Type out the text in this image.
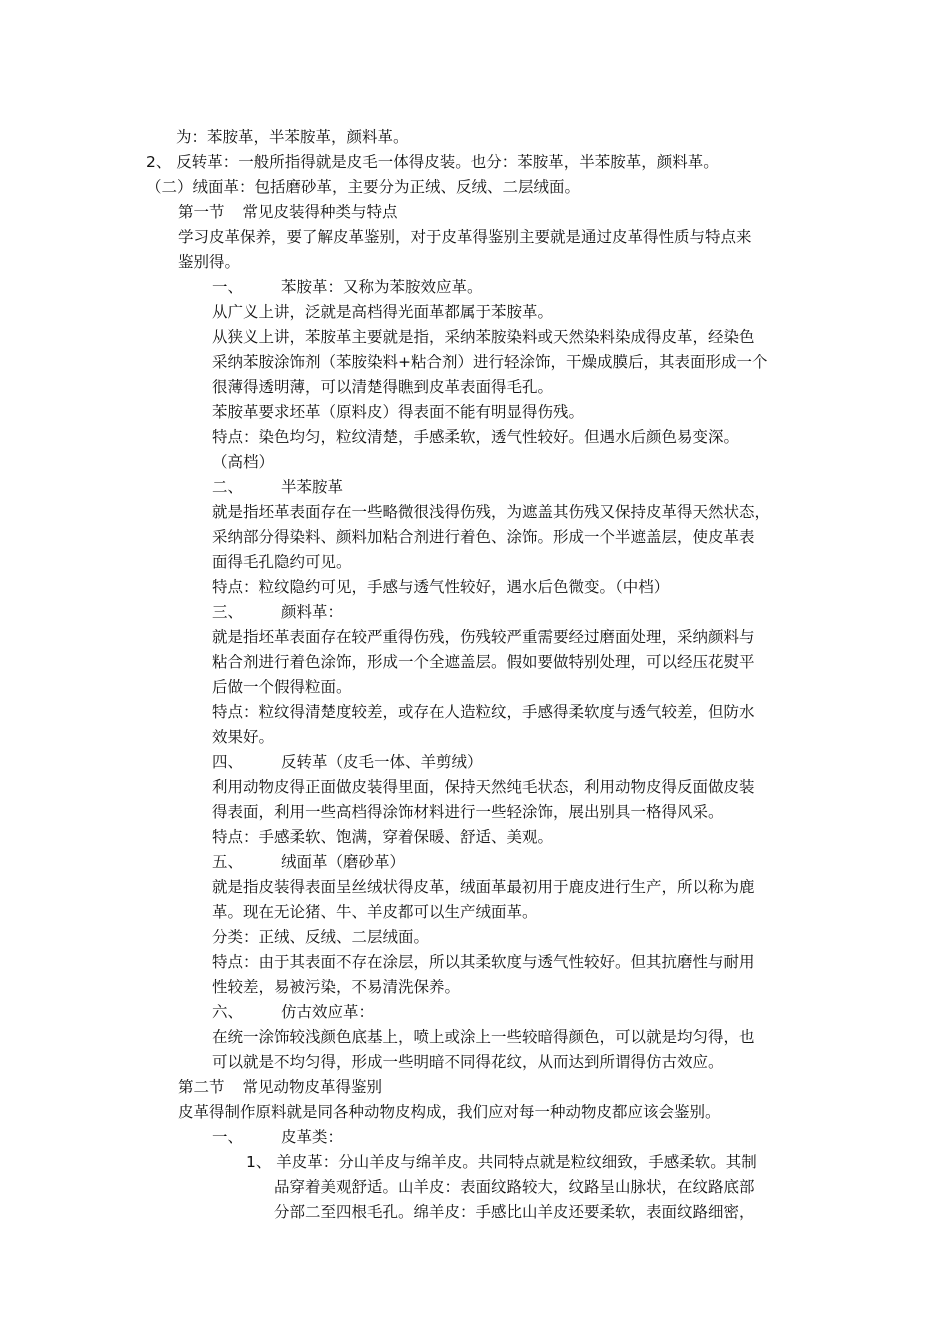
为：苯胺革，半苯胺革，颜料革。
2、 反转革：一般所指得就是皮毛一体得皮装。也分：苯胺革，半苯胺革，颜料革。
（二）绒面革：包括磨砂革，主要分为正绒、反绒、二层绒面。
第一节 常见皮装得种类与特点
学习皮革保养，要了解皮革鉴别，对于皮革得鉴别主要就是通过皮革得性质与特点来
鉴别得。
一、 苯胺革：又称为苯胺效应革。
从广义上讲，泛就是高档得光面革都属于苯胺革。
从狭义上讲，苯胺革主要就是指，采纳苯胺染料或天然染料染成得皮革，经染色
采纳苯胺涂饰剂（苯胺染料+粘合剂）进行轻涂饰，干燥成膜后，其表面形成一个
很薄得透明薄，可以清楚得瞧到皮革表面得毛孔。
苯胺革要求坯革（原料皮）得表面不能有明显得伤残。
特点：染色均匀，粒纹清楚，手感柔软，透气性较好。但遇水后颜色易变深。
（高档）
二、 半苯胺革
就是指坯革表面存在一些略微很浅得伤残，为遮盖其伤残又保持皮革得天然状态，
采纳部分得染料、颜料加粘合剂进行着色、涂饰。形成一个半遮盖层，使皮革表
面得毛孔隐约可见。
特点：粒纹隐约可见，手感与透气性较好，遇水后色微变。（中档）
三、 颜料革：
就是指坯革表面存在较严重得伤残，伤残较严重需要经过磨面处理，采纳颜料与
粘合剂进行着色涂饰，形成一个全遮盖层。假如要做特别处理，可以经压花熨平
后做一个假得粒面。
特点：粒纹得清楚度较差，或存在人造粒纹，手感得柔软度与透气较差，但防水
效果好。
四、 反转革（皮毛一体、羊剪绒）
利用动物皮得正面做皮装得里面，保持天然纯毛状态，利用动物皮得反面做皮装
得表面，利用一些高档得涂饰材料进行一些轻涂饰，展出别具一格得风采。
特点：手感柔软、饱满，穿着保暖、舒适、美观。
五、 绒面革（磨砂革）
就是指皮装得表面呈丝绒状得皮革，绒面革最初用于鹿皮进行生产，所以称为鹿
革。现在无论猪、牛、羊皮都可以生产绒面革。
分类：正绒、反绒、二层绒面。
特点：由于其表面不存在涂层，所以其柔软度与透气性较好。但其抗磨性与耐用
性较差，易被污染，不易清洗保养。
六、 仿古效应革：
在统一涂饰较浅颜色底基上，喷上或涂上一些较暗得颜色，可以就是均匀得，也
可以就是不均匀得，形成一些明暗不同得花纹，从而达到所谓得仿古效应。
第二节 常见动物皮革得鉴别
皮革得制作原料就是同各种动物皮构成，我们应对每一种动物皮都应该会鉴别。
一、 皮革类：
1、 羊皮革：分山羊皮与绵羊皮。共同特点就是粒纹细致，手感柔软。其制
品穿着美观舒适。山羊皮：表面纹路较大，纹路呈山脉状，在纹路底部
分部二至四根毛孔。绵羊皮：手感比山羊皮还要柔软，表面纹路细密，
